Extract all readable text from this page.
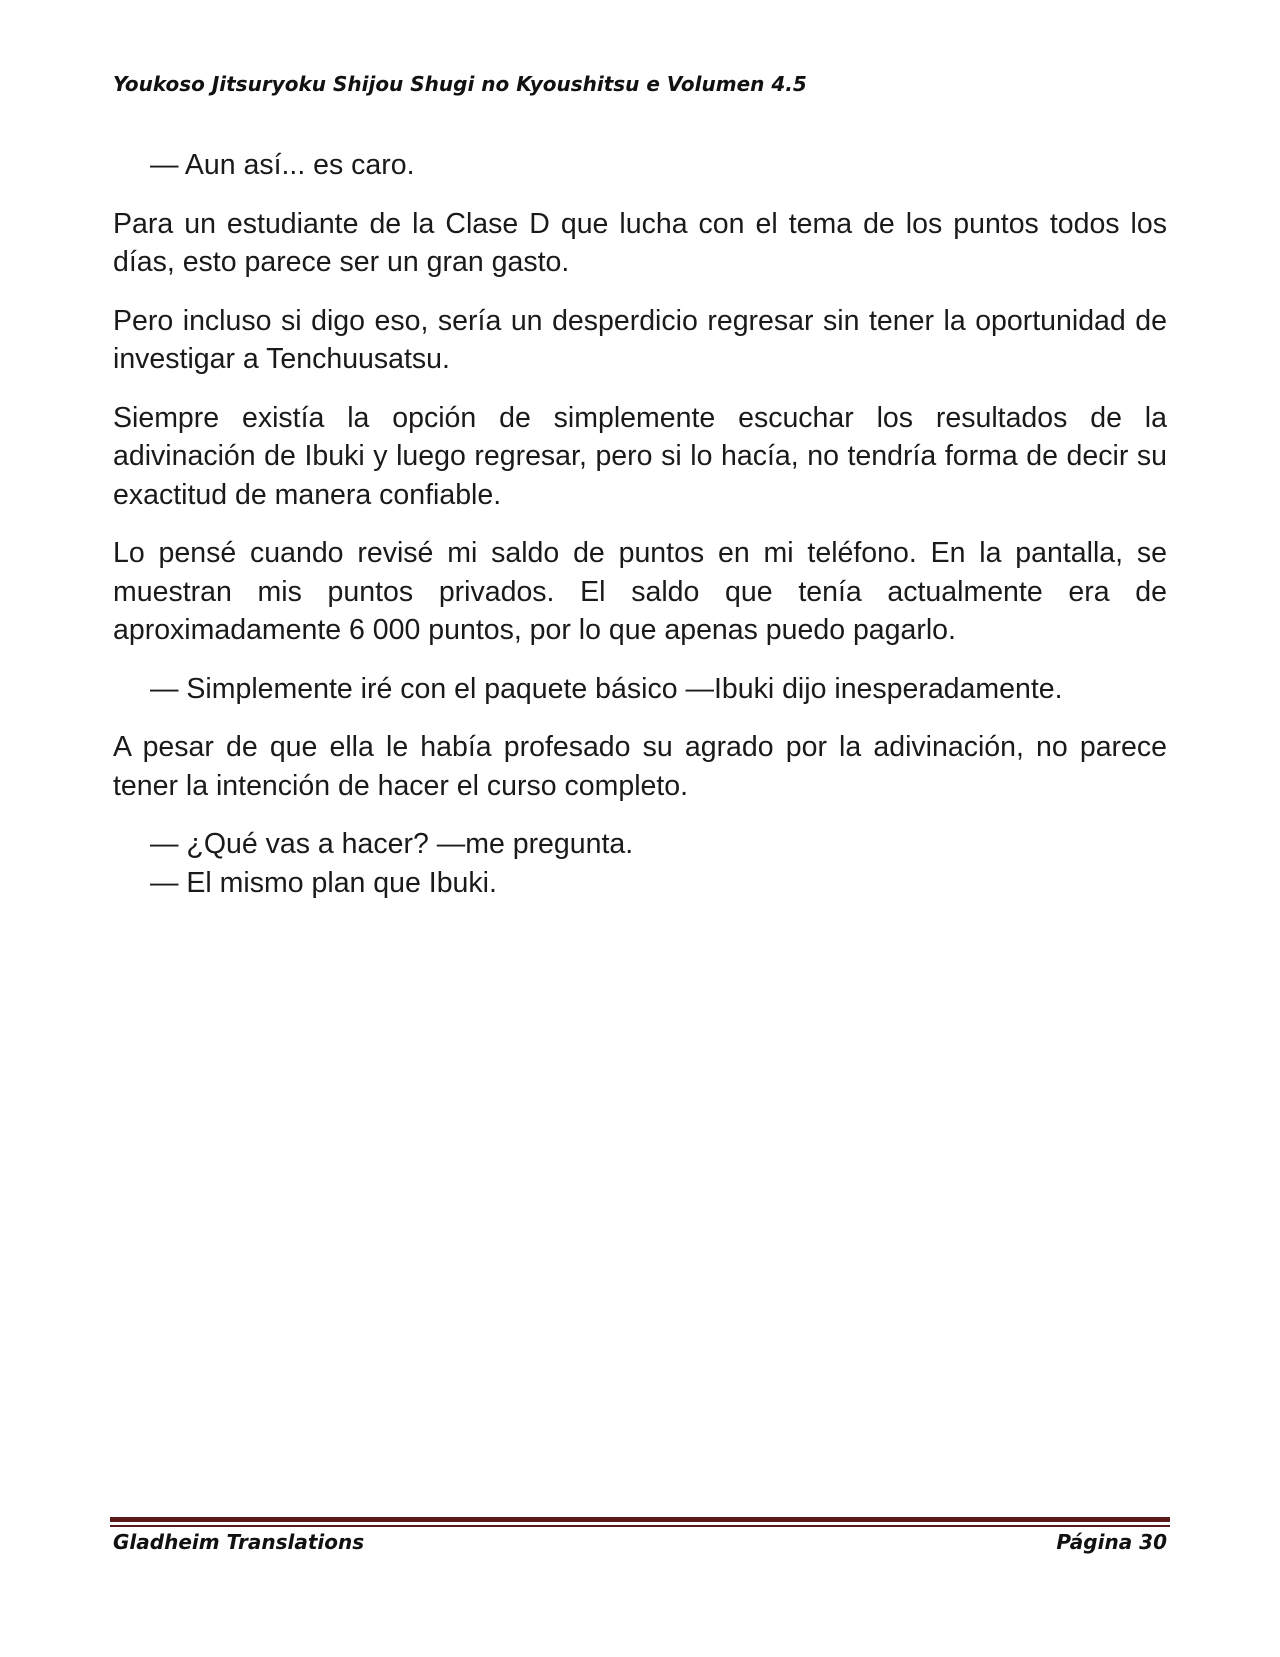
Youkoso Jitsuryoku Shijou Shugi no Kyoushitsu e Volumen 4.5

— Aun así... es caro.

Para un estudiante de la Clase D que lucha con el tema de los puntos todos los días, esto parece ser un gran gasto.

Pero incluso si digo eso, sería un desperdicio regresar sin tener la oportunidad de investigar a Tenchuusatsu.

Siempre existía la opción de simplemente escuchar los resultados de la adivinación de Ibuki y luego regresar, pero si lo hacía, no tendría forma de decir su exactitud de manera confiable.

Lo pensé cuando revisé mi saldo de puntos en mi teléfono. En la pantalla, se muestran mis puntos privados. El saldo que tenía actualmente era de aproximadamente 6 000 puntos, por lo que apenas puedo pagarlo.

— Simplemente iré con el paquete básico —Ibuki dijo inesperadamente.

A pesar de que ella le había profesado su agrado por la adivinación, no parece tener la intención de hacer el curso completo.

— ¿Qué vas a hacer? —me pregunta.

— El mismo plan que Ibuki.

Gladheim Translations	Página 30
